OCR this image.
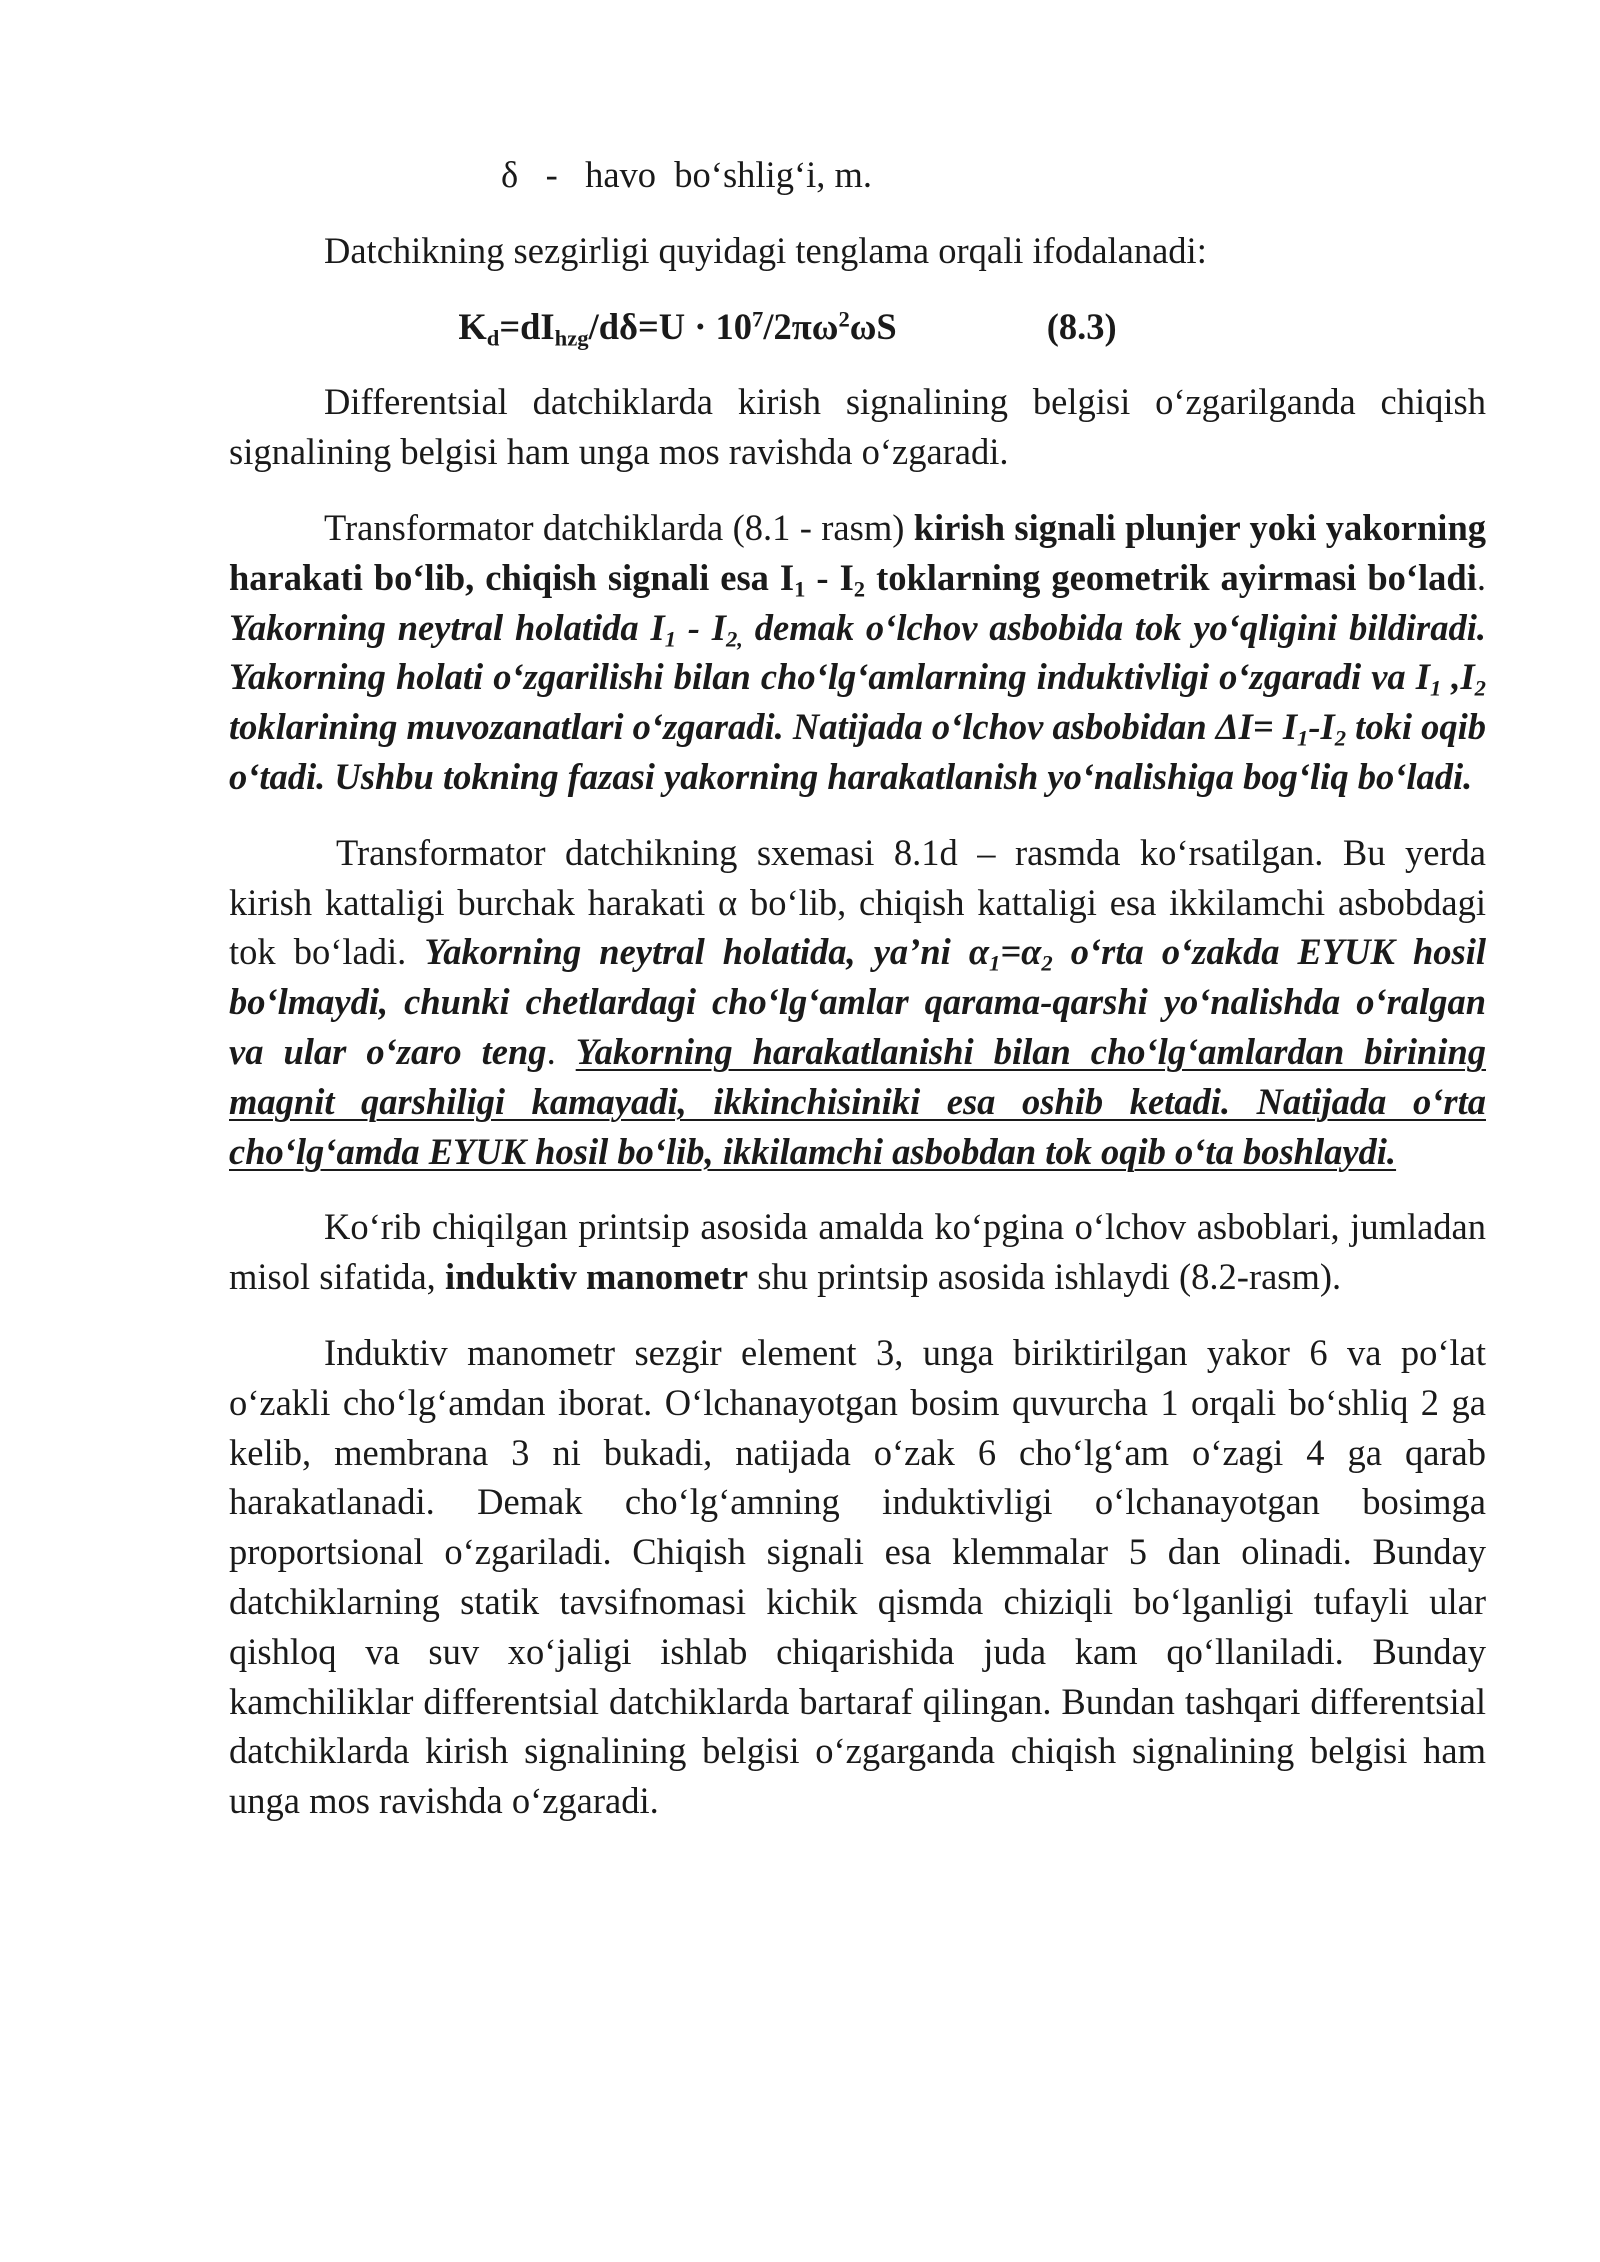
δ   -   havo  bo‘shlig‘i, m.

Datchikning sezgirligi quyidagi tenglama orqali ifodalanadi:

$K_d=dI_{hzg}/d\delta=U \cdot 10^7/2\pi\omega^2\omega S$	(8.3)

Differentsial datchiklarda kirish signalining belgisi o‘zgarilganda chiqish signalining belgisi ham unga mos ravishda o‘zgaradi.

Transformator datchiklarda (8.1 - rasm) kirish signali plunjer yoki yakorning harakati bo‘lib, chiqish signali esa $I_1 - I_2$ toklarning geometrik ayirmasi bo‘ladi. Yakorning neytral holatida $I_1 - I_{2,}$ demak o‘lchov asbobida tok yo‘qligini bildiradi. Yakorning holati o‘zgarilishi bilan cho‘lg‘amlarning induktivligi o‘zgaradi va $I_1$ $,I_2$ toklarining muvozanatlari o‘zgaradi. Natijada o‘lchov asbobidan $\Delta I= I_1-I_2$ toki oqib o‘tadi. Ushbu tokning fazasi yakorning harakatlanish yo‘nalishiga bog‘liq bo‘ladi.

Transformator datchikning sxemasi 8.1d – rasmda ko‘rsatilgan. Bu yerda kirish kattaligi burchak harakati α bo‘lib, chiqish kattaligi esa ikkilamchi asbobdagi tok bo‘ladi. Yakorning neytral holatida, ya’ni $\alpha_1=\alpha_2$ o‘rta o‘zakda EYUK hosil bo‘lmaydi, chunki chetlardagi cho‘lg‘amlar qarama-qarshi yo‘nalishda o‘ralgan va ular o‘zaro teng. Yakorning harakatlanishi bilan cho‘lg‘amlardan birining magnit qarshiligi kamayadi, ikkinchisiniki esa oshib ketadi. Natijada o‘rta cho‘lg‘amda EYUK hosil bo‘lib, ikkilamchi asbobdan tok oqib o‘ta boshlaydi.

Ko‘rib chiqilgan printsip asosida amalda ko‘pgina o‘lchov asboblari, jumladan misol sifatida, induktiv manometr shu printsip asosida ishlaydi (8.2-rasm).

Induktiv manometr sezgir element 3, unga biriktirilgan yakor 6 va po‘lat o‘zakli cho‘lg‘amdan iborat. O‘lchanayotgan bosim quvurcha 1 orqali bo‘shliq 2 ga kelib, membrana 3 ni bukadi, natijada o‘zak 6 cho‘lg‘am o‘zagi 4 ga qarab harakatlanadi. Demak cho‘lg‘amning induktivligi o‘lchanayotgan bosimga proportsional o‘zgariladi. Chiqish signali esa klemmalar 5 dan olinadi. Bunday datchiklarning statik tavsifnomasi kichik qismda chiziqli bo‘lganligi tufayli ular qishloq va suv xo‘jaligi ishlab chiqarishida juda kam qo‘llaniladi. Bunday kamchiliklar differentsial datchiklarda bartaraf qilingan. Bundan tashqari differentsial datchiklarda kirish signalining belgisi o‘zgarganda chiqish signalining belgisi ham unga mos ravishda o‘zgaradi.
